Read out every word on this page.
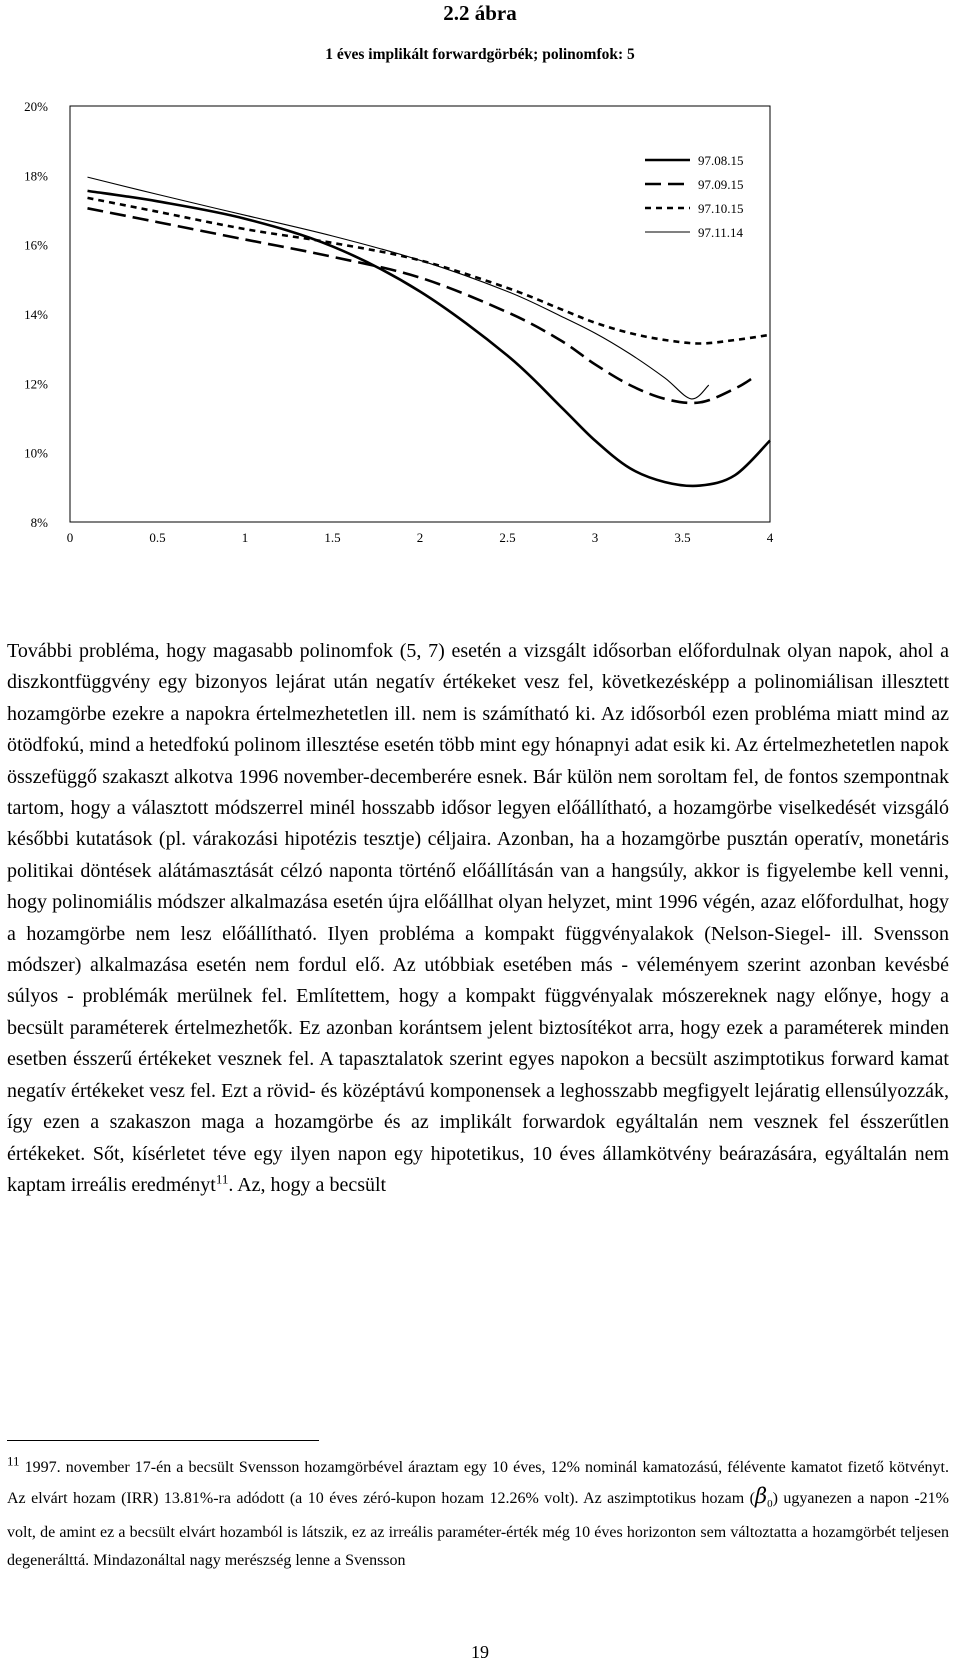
2.2 ábra
1 éves implikált forwardgörbék; polinomfok: 5
8%
10%
12%
14%
16%
18%
20%
0	0.5	1	1.5	2	2.5	3	3.5	4
97.08.15
97.09.15
97.10.15
97.11.14

További probléma, hogy magasabb polinomfok (5, 7) esetén a vizsgált idősorban előfordulnak olyan napok, ahol a diszkontfüggvény egy bizonyos lejárat után negatív értékeket vesz fel, következésképp a polinomiálisan illesztett hozamgörbe ezekre a napokra értelmezhetetlen ill. nem is számítható ki. Az idősorból ezen probléma miatt mind az ötödfokú, mind a hetedfokú polinom illesztése esetén több mint egy hónapnyi adat esik ki. Az értelmezhetetlen napok összefüggő szakaszt alkotva 1996 november-decemberére esnek. Bár külön nem soroltam fel, de fontos szempontnak tartom, hogy a választott módszerrel minél hosszabb idősor legyen előállítható, a hozamgörbe viselkedését vizsgáló későbbi kutatások (pl. várakozási hipotézis tesztje) céljaira. Azonban, ha a hozamgörbe pusztán operatív, monetáris politikai döntések alátámasztását célzó naponta történő előállításán van a hangsúly, akkor is figyelembe kell venni, hogy polinomiális módszer alkalmazása esetén újra előállhat olyan helyzet, mint 1996 végén, azaz előfordulhat, hogy a hozamgörbe nem lesz előállítható. Ilyen probléma a kompakt függvényalakok (Nelson-Siegel- ill. Svensson módszer) alkalmazása esetén nem fordul elő. Az utóbbiak esetében más - véleményem szerint azonban kevésbé súlyos - problémák merülnek fel. Említettem, hogy a kompakt függvényalak mószereknek nagy előnye, hogy a becsült paraméterek értelmezhetők. Ez azonban korántsem jelent biztosítékot arra, hogy ezek a paraméterek minden esetben ésszerű értékeket vesznek fel. A tapasztalatok szerint egyes napokon a becsült aszimptotikus forward kamat negatív értékeket vesz fel. Ezt a rövid- és középtávú komponensek a leghosszabb megfigyelt lejáratig ellensúlyozzák, így ezen a szakaszon maga a hozamgörbe és az implikált forwardok egyáltalán nem vesznek fel ésszerűtlen értékeket. Sőt, kísérletet téve egy ilyen napon egy hipotetikus, 10 éves államkötvény beárazására, egyáltalán nem kaptam irreális eredményt$^{11}$. Az, hogy a becsült

$^{11}$ 1997. november 17-én a becsült Svensson hozamgörbével áraztam egy 10 éves, 12% nominál kamatozású, félévente kamatot fizető kötvényt. Az elvárt hozam (IRR) 13.81%-ra adódott (a 10 éves zéró-kupon hozam 12.26% volt). Az aszimptotikus hozam $(\beta_0)$ ugyanezen a napon -21% volt, de amint ez a becsült elvárt hozamból is látszik, ez az irreális paraméter-érték még 10 éves horizonton sem változtatta a hozamgörbét teljesen degenerálttá. Mindazonáltal nagy merészség lenne a Svensson

19
